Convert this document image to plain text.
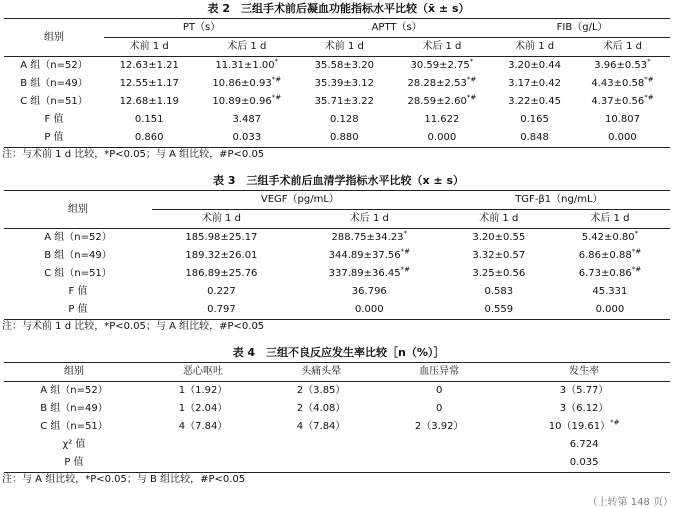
表 2　三组手术前后凝血功能指标水平比较（x̄ ± s）
组别	PT（s）		APTT（s）		FIB（g/L）	
	术前 1 d	术后 1 d	术前 1 d	术后 1 d	术前 1 d	术后 1 d
A 组（n=52）	12.63±1.21	11.31±1.00*	35.58±3.20	30.59±2.75*	3.20±0.44	3.96±0.53*
B 组（n=49）	12.55±1.17	10.86±0.93*#	35.39±3.12	28.28±2.53*#	3.17±0.42	4.43±0.58*#
C 组（n=51）	12.68±1.19	10.89±0.96*#	35.71±3.22	28.59±2.60*#	3.22±0.45	4.37±0.56*#
F 值	0.151	3.487	0.128	11.622	0.165	10.807
P 值	0.860	0.033	0.880	0.000	0.848	0.000
注：与术前 1 d 比较，*P<0.05；与 A 组比较，#P<0.05
表 3　三组手术前后血清学指标水平比较（x ± s）
组别	VEGF（pg/mL）		TGF-β1（ng/mL）	
	术前 1 d	术后 1 d	术前 1 d	术后 1 d
A 组（n=52）	185.98±25.17	288.75±34.23*	3.20±0.55	5.42±0.80*
B 组（n=49）	189.32±26.01	344.89±37.56*#	3.32±0.57	6.86±0.88*#
C 组（n=51）	186.89±25.76	337.89±36.45*#	3.25±0.56	6.73±0.86*#
F 值	0.227	36.796	0.583	45.331
P 值	0.797	0.000	0.559	0.000
注：与术前 1 d 比较，*P<0.05；与 A 组比较，#P<0.05
表 4　三组不良反应发生率比较［n（%）］
组别	恶心呕吐	头痛头晕	血压异常	发生率
A 组（n=52）	1（1.92）	2（3.85）	0	3（5.77）
B 组（n=49）	1（2.04）	2（4.08）	0	3（6.12）
C 组（n=51）	4（7.84）	4（7.84）	2（3.92）	10（19.61）*#
χ² 值				6.724
P 值				0.035
注：与 A 组比较，*P<0.05；与 B 组比较，#P<0.05
（上转第 148 页）
